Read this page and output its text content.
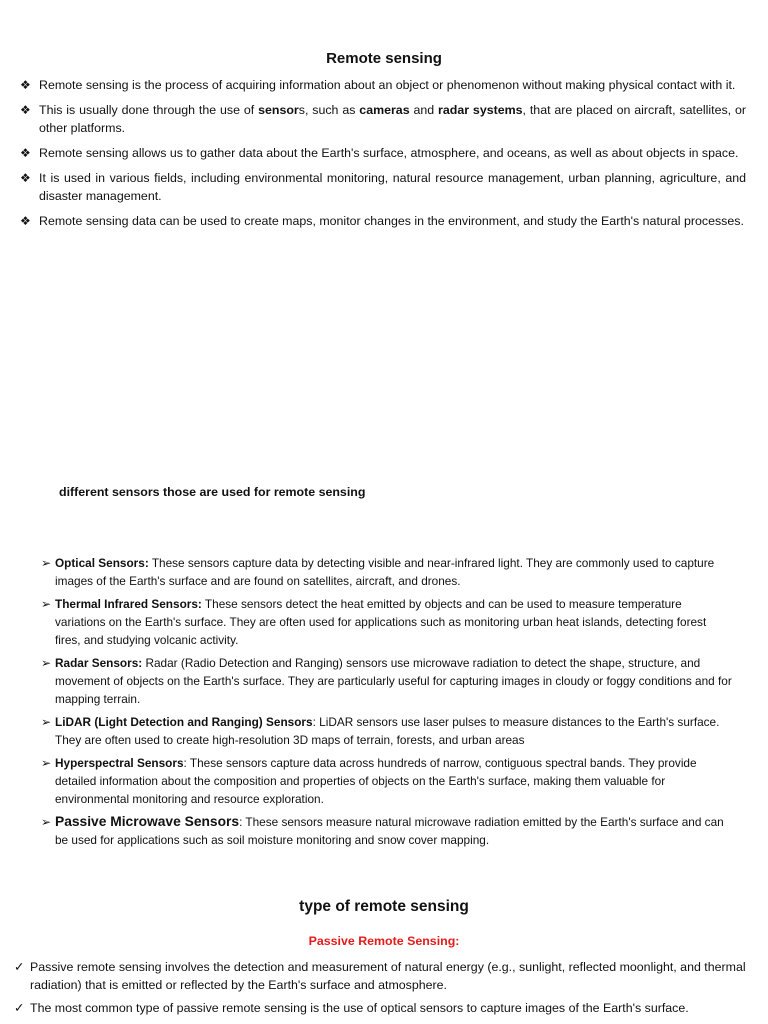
Remote sensing
❖ Remote sensing is the process of acquiring information about an object or phenomenon without making physical contact with it.
❖ This is usually done through the use of sensors, such as cameras and radar systems, that are placed on aircraft, satellites, or other platforms.
❖ Remote sensing allows us to gather data about the Earth's surface, atmosphere, and oceans, as well as about objects in space.
❖ It is used in various fields, including environmental monitoring, natural resource management, urban planning, agriculture, and disaster management.
❖ Remote sensing data can be used to create maps, monitor changes in the environment, and study the Earth's natural processes.
different sensors those are used for remote sensing
➢ Optical Sensors: These sensors capture data by detecting visible and near-infrared light. They are commonly used to capture images of the Earth's surface and are found on satellites, aircraft, and drones.
➢ Thermal Infrared Sensors: These sensors detect the heat emitted by objects and can be used to measure temperature variations on the Earth's surface. They are often used for applications such as monitoring urban heat islands, detecting forest fires, and studying volcanic activity.
➢ Radar Sensors: Radar (Radio Detection and Ranging) sensors use microwave radiation to detect the shape, structure, and movement of objects on the Earth's surface. They are particularly useful for capturing images in cloudy or foggy conditions and for mapping terrain.
➢ LiDAR (Light Detection and Ranging) Sensors: LiDAR sensors use laser pulses to measure distances to the Earth's surface. They are often used to create high-resolution 3D maps of terrain, forests, and urban areas
➢ Hyperspectral Sensors: These sensors capture data across hundreds of narrow, contiguous spectral bands. They provide detailed information about the composition and properties of objects on the Earth's surface, making them valuable for environmental monitoring and resource exploration.
➢ Passive Microwave Sensors: These sensors measure natural microwave radiation emitted by the Earth's surface and can be used for applications such as soil moisture monitoring and snow cover mapping.
type of remote sensing
Passive Remote Sensing:
✓ Passive remote sensing involves the detection and measurement of natural energy (e.g., sunlight, reflected moonlight, and thermal radiation) that is emitted or reflected by the Earth's surface and atmosphere.
✓ The most common type of passive remote sensing is the use of optical sensors to capture images of the Earth's surface.
